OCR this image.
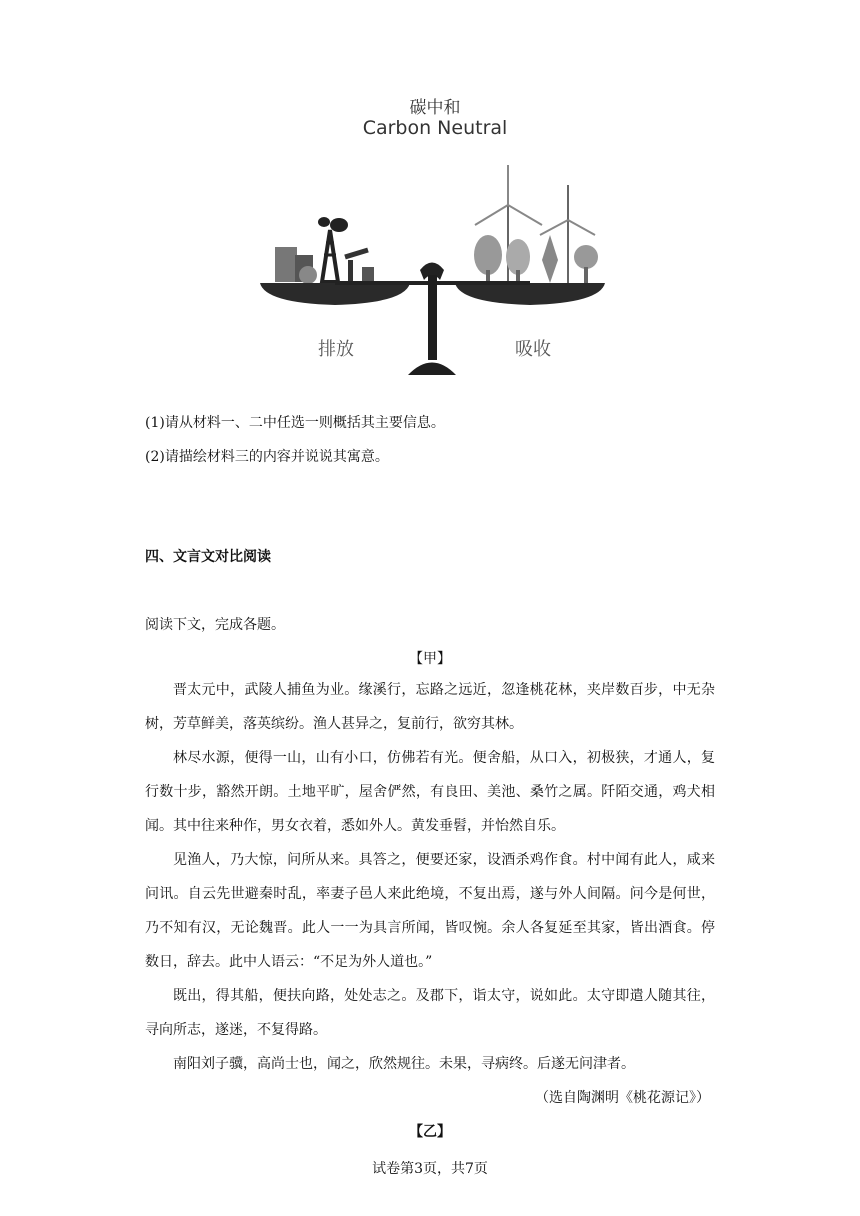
碳中和
Carbon Neutral
排放	吸收
(1)请从材料一、二中任选一则概括其主要信息。
(2)请描绘材料三的内容并说说其寓意。
四、文言文对比阅读
阅读下文，完成各题。
【甲】
晋太元中，武陵人捕鱼为业。缘溪行，忘路之远近，忽逢桃花林，夹岸数百步，中无杂树，芳草鲜美，落英缤纷。渔人甚异之，复前行，欲穷其林。
林尽水源，便得一山，山有小口，仿佛若有光。便舍船，从口入，初极狭，才通人，复行数十步，豁然开朗。土地平旷，屋舍俨然，有良田、美池、桑竹之属。阡陌交通，鸡犬相闻。其中往来种作，男女衣着，悉如外人。黄发垂髫，并怡然自乐。
见渔人，乃大惊，问所从来。具答之，便要还家，设酒杀鸡作食。村中闻有此人，咸来问讯。自云先世避秦时乱，率妻子邑人来此绝境，不复出焉，遂与外人间隔。问今是何世，乃不知有汉，无论魏晋。此人一一为具言所闻，皆叹惋。余人各复延至其家，皆出酒食。停数日，辞去。此中人语云：“不足为外人道也。”
既出，得其船，便扶向路，处处志之。及郡下，诣太守，说如此。太守即遣人随其往，寻向所志，遂迷，不复得路。
南阳刘子骥，高尚士也，闻之，欣然规往。未果，寻病终。后遂无问津者。
（选自陶渊明《桃花源记》）
【乙】
试卷第3页，共7页
